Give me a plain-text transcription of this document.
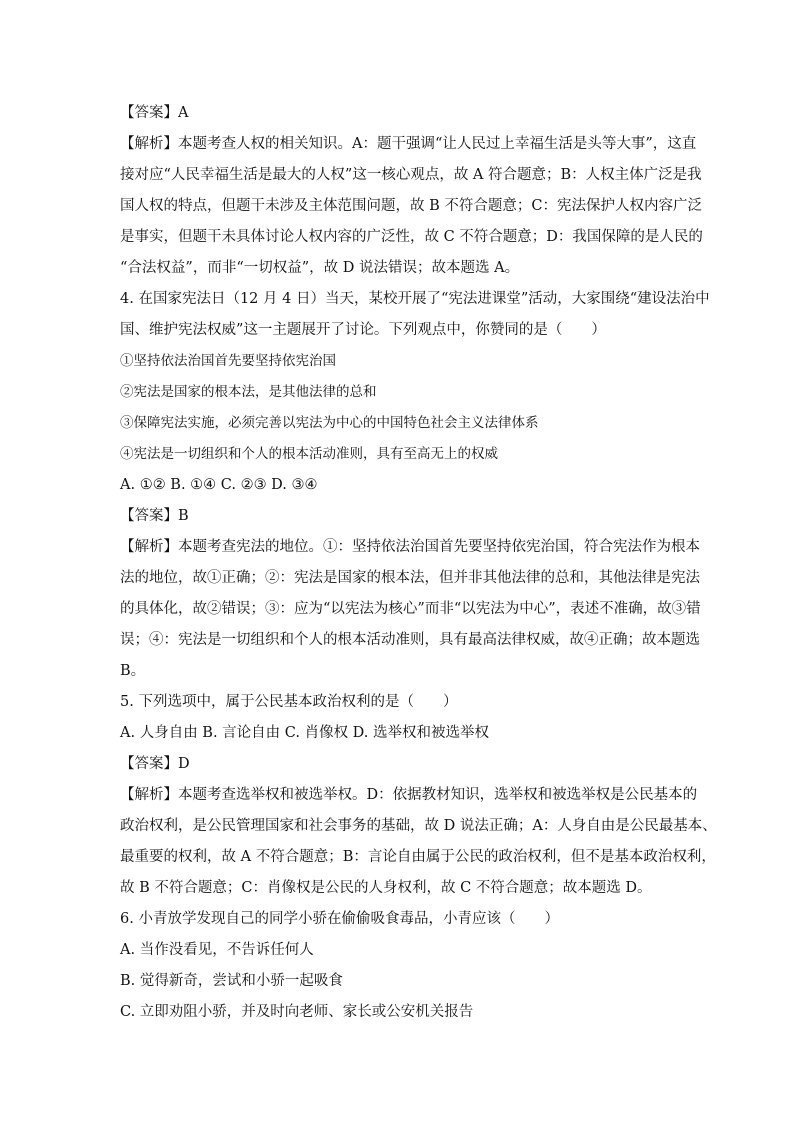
【答案】A
【解析】本题考查人权的相关知识。A：题干强调“让人民过上幸福生活是头等大事”，这直
接对应“人民幸福生活是最大的人权”这一核心观点，故 A 符合题意；B：人权主体广泛是我
国人权的特点，但题干未涉及主体范围问题，故 B 不符合题意；C：宪法保护人权内容广泛
是事实，但题干未具体讨论人权内容的广泛性，故 C 不符合题意；D：我国保障的是人民的
“合法权益”，而非“一切权益”，故 D 说法错误；故本题选 A。
4. 在国家宪法日（12 月 4 日）当天，某校开展了“宪法进课堂”活动，大家围绕“建设法治中
国、维护宪法权威”这一主题展开了讨论。下列观点中，你赞同的是（　　）
①坚持依法治国首先要坚持依宪治国
②宪法是国家的根本法，是其他法律的总和
③保障宪法实施，必须完善以宪法为中心的中国特色社会主义法律体系
④宪法是一切组织和个人的根本活动准则，具有至高无上的权威
A. ①② B. ①④ C. ②③ D. ③④
【答案】B
【解析】本题考查宪法的地位。①：坚持依法治国首先要坚持依宪治国，符合宪法作为根本
法的地位，故①正确；②：宪法是国家的根本法，但并非其他法律的总和，其他法律是宪法
的具体化，故②错误；③：应为“以宪法为核心”而非“以宪法为中心”，表述不准确，故③错
误；④：宪法是一切组织和个人的根本活动准则，具有最高法律权威，故④正确；故本题选
B。
5. 下列选项中，属于公民基本政治权利的是（　　）
A. 人身自由 B. 言论自由 C. 肖像权 D. 选举权和被选举权
【答案】D
【解析】本题考查选举权和被选举权。D：依据教材知识，选举权和被选举权是公民基本的
政治权利，是公民管理国家和社会事务的基础，故 D 说法正确；A：人身自由是公民最基本、
最重要的权利，故 A 不符合题意；B：言论自由属于公民的政治权利，但不是基本政治权利，
故 B 不符合题意；C：肖像权是公民的人身权利，故 C 不符合题意；故本题选 D。
6. 小青放学发现自己的同学小骄在偷偷吸食毒品，小青应该（　　）
A. 当作没看见，不告诉任何人
B. 觉得新奇，尝试和小骄一起吸食
C. 立即劝阻小骄，并及时向老师、家长或公安机关报告
